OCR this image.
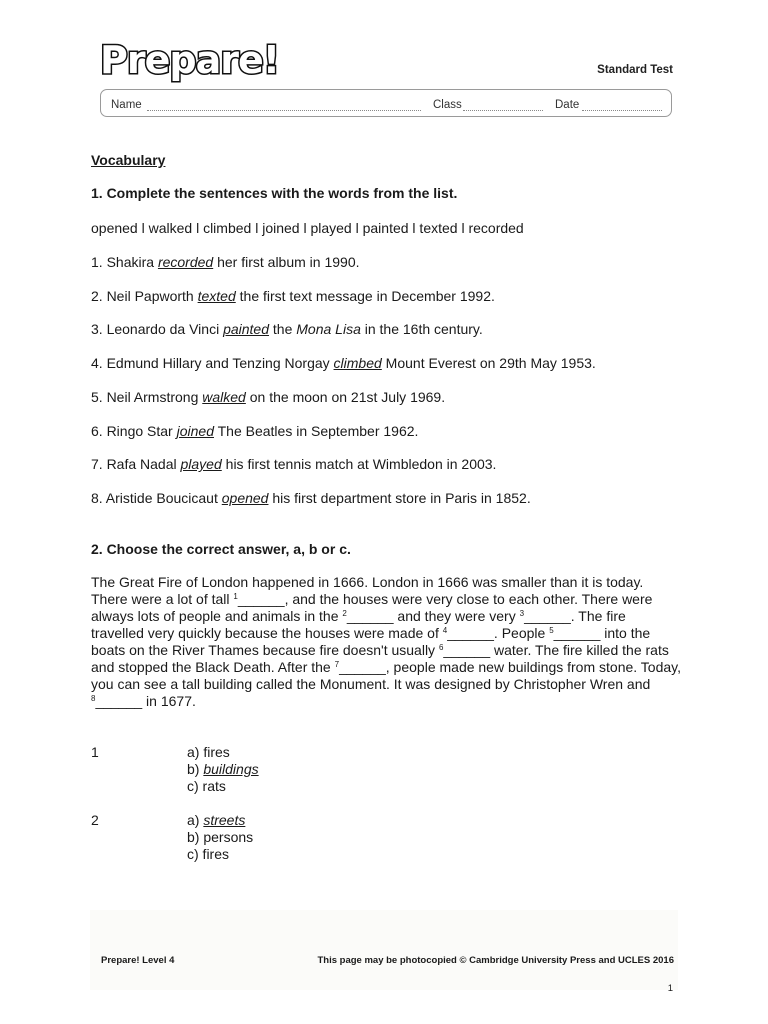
Prepare!	Standard Test
Name	Class	Date
Vocabulary
1. Complete the sentences with the words from the list.
opened l walked l climbed l joined l played l painted l texted l recorded
1. Shakira recorded her first album in 1990.
2. Neil Papworth texted the first text message in December 1992.
3. Leonardo da Vinci painted the Mona Lisa in the 16th century.
4. Edmund Hillary and Tenzing Norgay climbed Mount Everest on 29th May 1953.
5. Neil Armstrong walked on the moon on 21st July 1969.
6. Ringo Star joined The Beatles in September 1962.
7. Rafa Nadal played his first tennis match at Wimbledon in 2003.
8. Aristide Boucicaut opened his first department store in Paris in 1852.
2. Choose the correct answer, a, b or c.

The Great Fire of London happened in 1666. London in 1666 was smaller than it is today. There were a lot of tall $^1$______, and the houses were very close to each other. There were always lots of people and animals in the $^2$______ and they were very $^3$______. The fire travelled very quickly because the houses were made of $^4$______. People $^5$______ into the boats on the River Thames because fire doesn't usually $^6$______ water. The fire killed the rats and stopped the Black Death. After the $^7$______, people made new buildings from stone. Today, you can see a tall building called the Monument. It was designed by Christopher Wren and $^8$______ in 1677.

1	a) fires
b) buildings
c) rats
2	a) streets
b) persons
c) fires
Prepare! Level 4	This page may be photocopied © Cambridge University Press and UCLES 2016
1
